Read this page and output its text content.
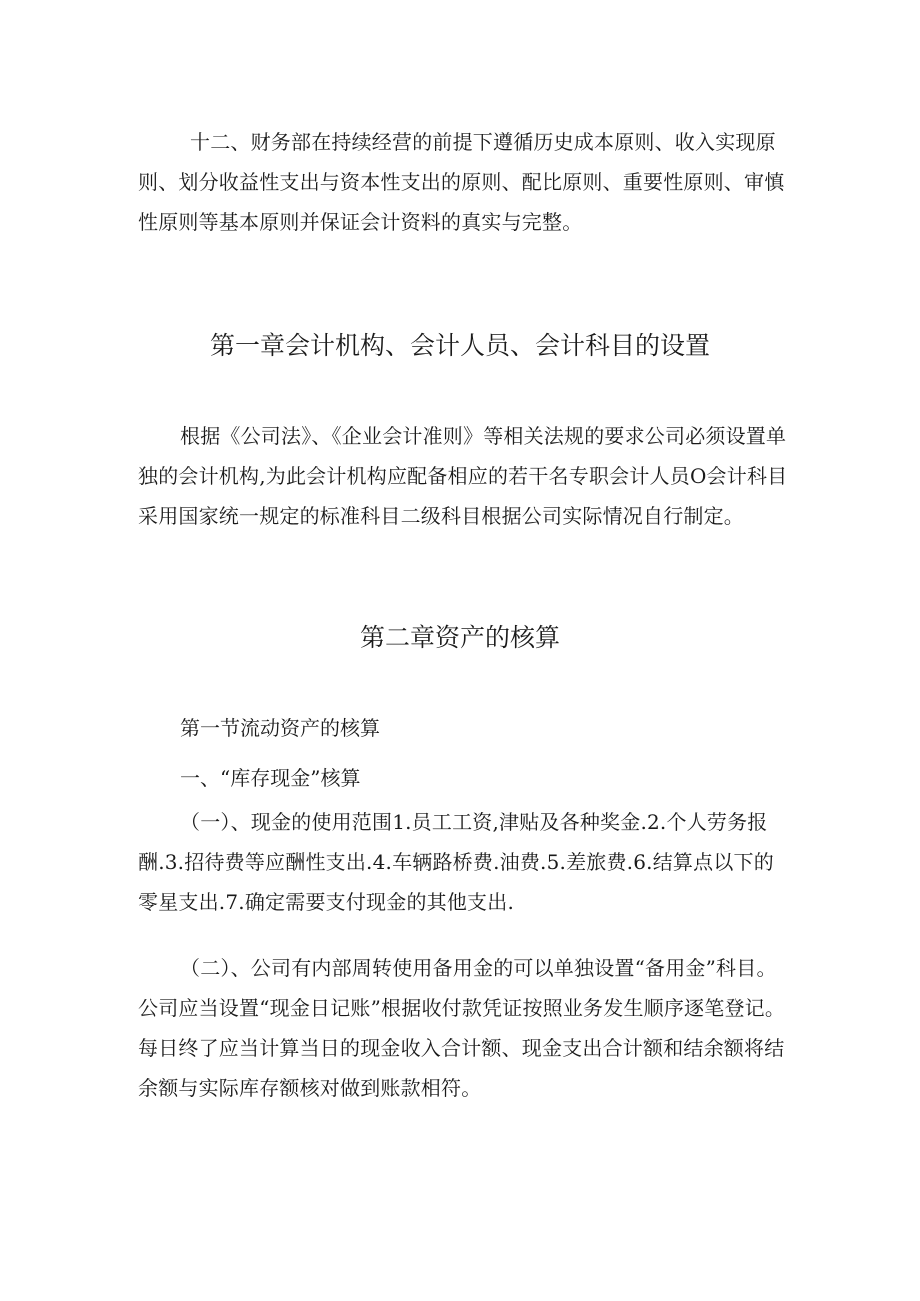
十二、财务部在持续经营的前提下遵循历史成本原则、收入实现原则、划分收益性支出与资本性支出的原则、配比原则、重要性原则、审慎性原则等基本原则并保证会计资料的真实与完整。

第一章会计机构、会计人员、会计科目的设置

根据《公司法》、《企业会计准则》等相关法规的要求公司必须设置单独的会计机构,为此会计机构应配备相应的若干名专职会计人员O会计科目采用国家统一规定的标准科目二级科目根据公司实际情况自行制定。

第二章资产的核算

第一节流动资产的核算

一、“库存现金”核算

（一）、现金的使用范围1.员工工资,津贴及各种奖金.2.个人劳务报酬.3.招待费等应酬性支出.4.车辆路桥费.油费.5.差旅费.6.结算点以下的零星支出.7.确定需要支付现金的其他支出.

（二）、公司有内部周转使用备用金的可以单独设置“备用金”科目。公司应当设置“现金日记账”根据收付款凭证按照业务发生顺序逐笔登记。每日终了应当计算当日的现金收入合计额、现金支出合计额和结余额将结余额与实际库存额核对做到账款相符。
